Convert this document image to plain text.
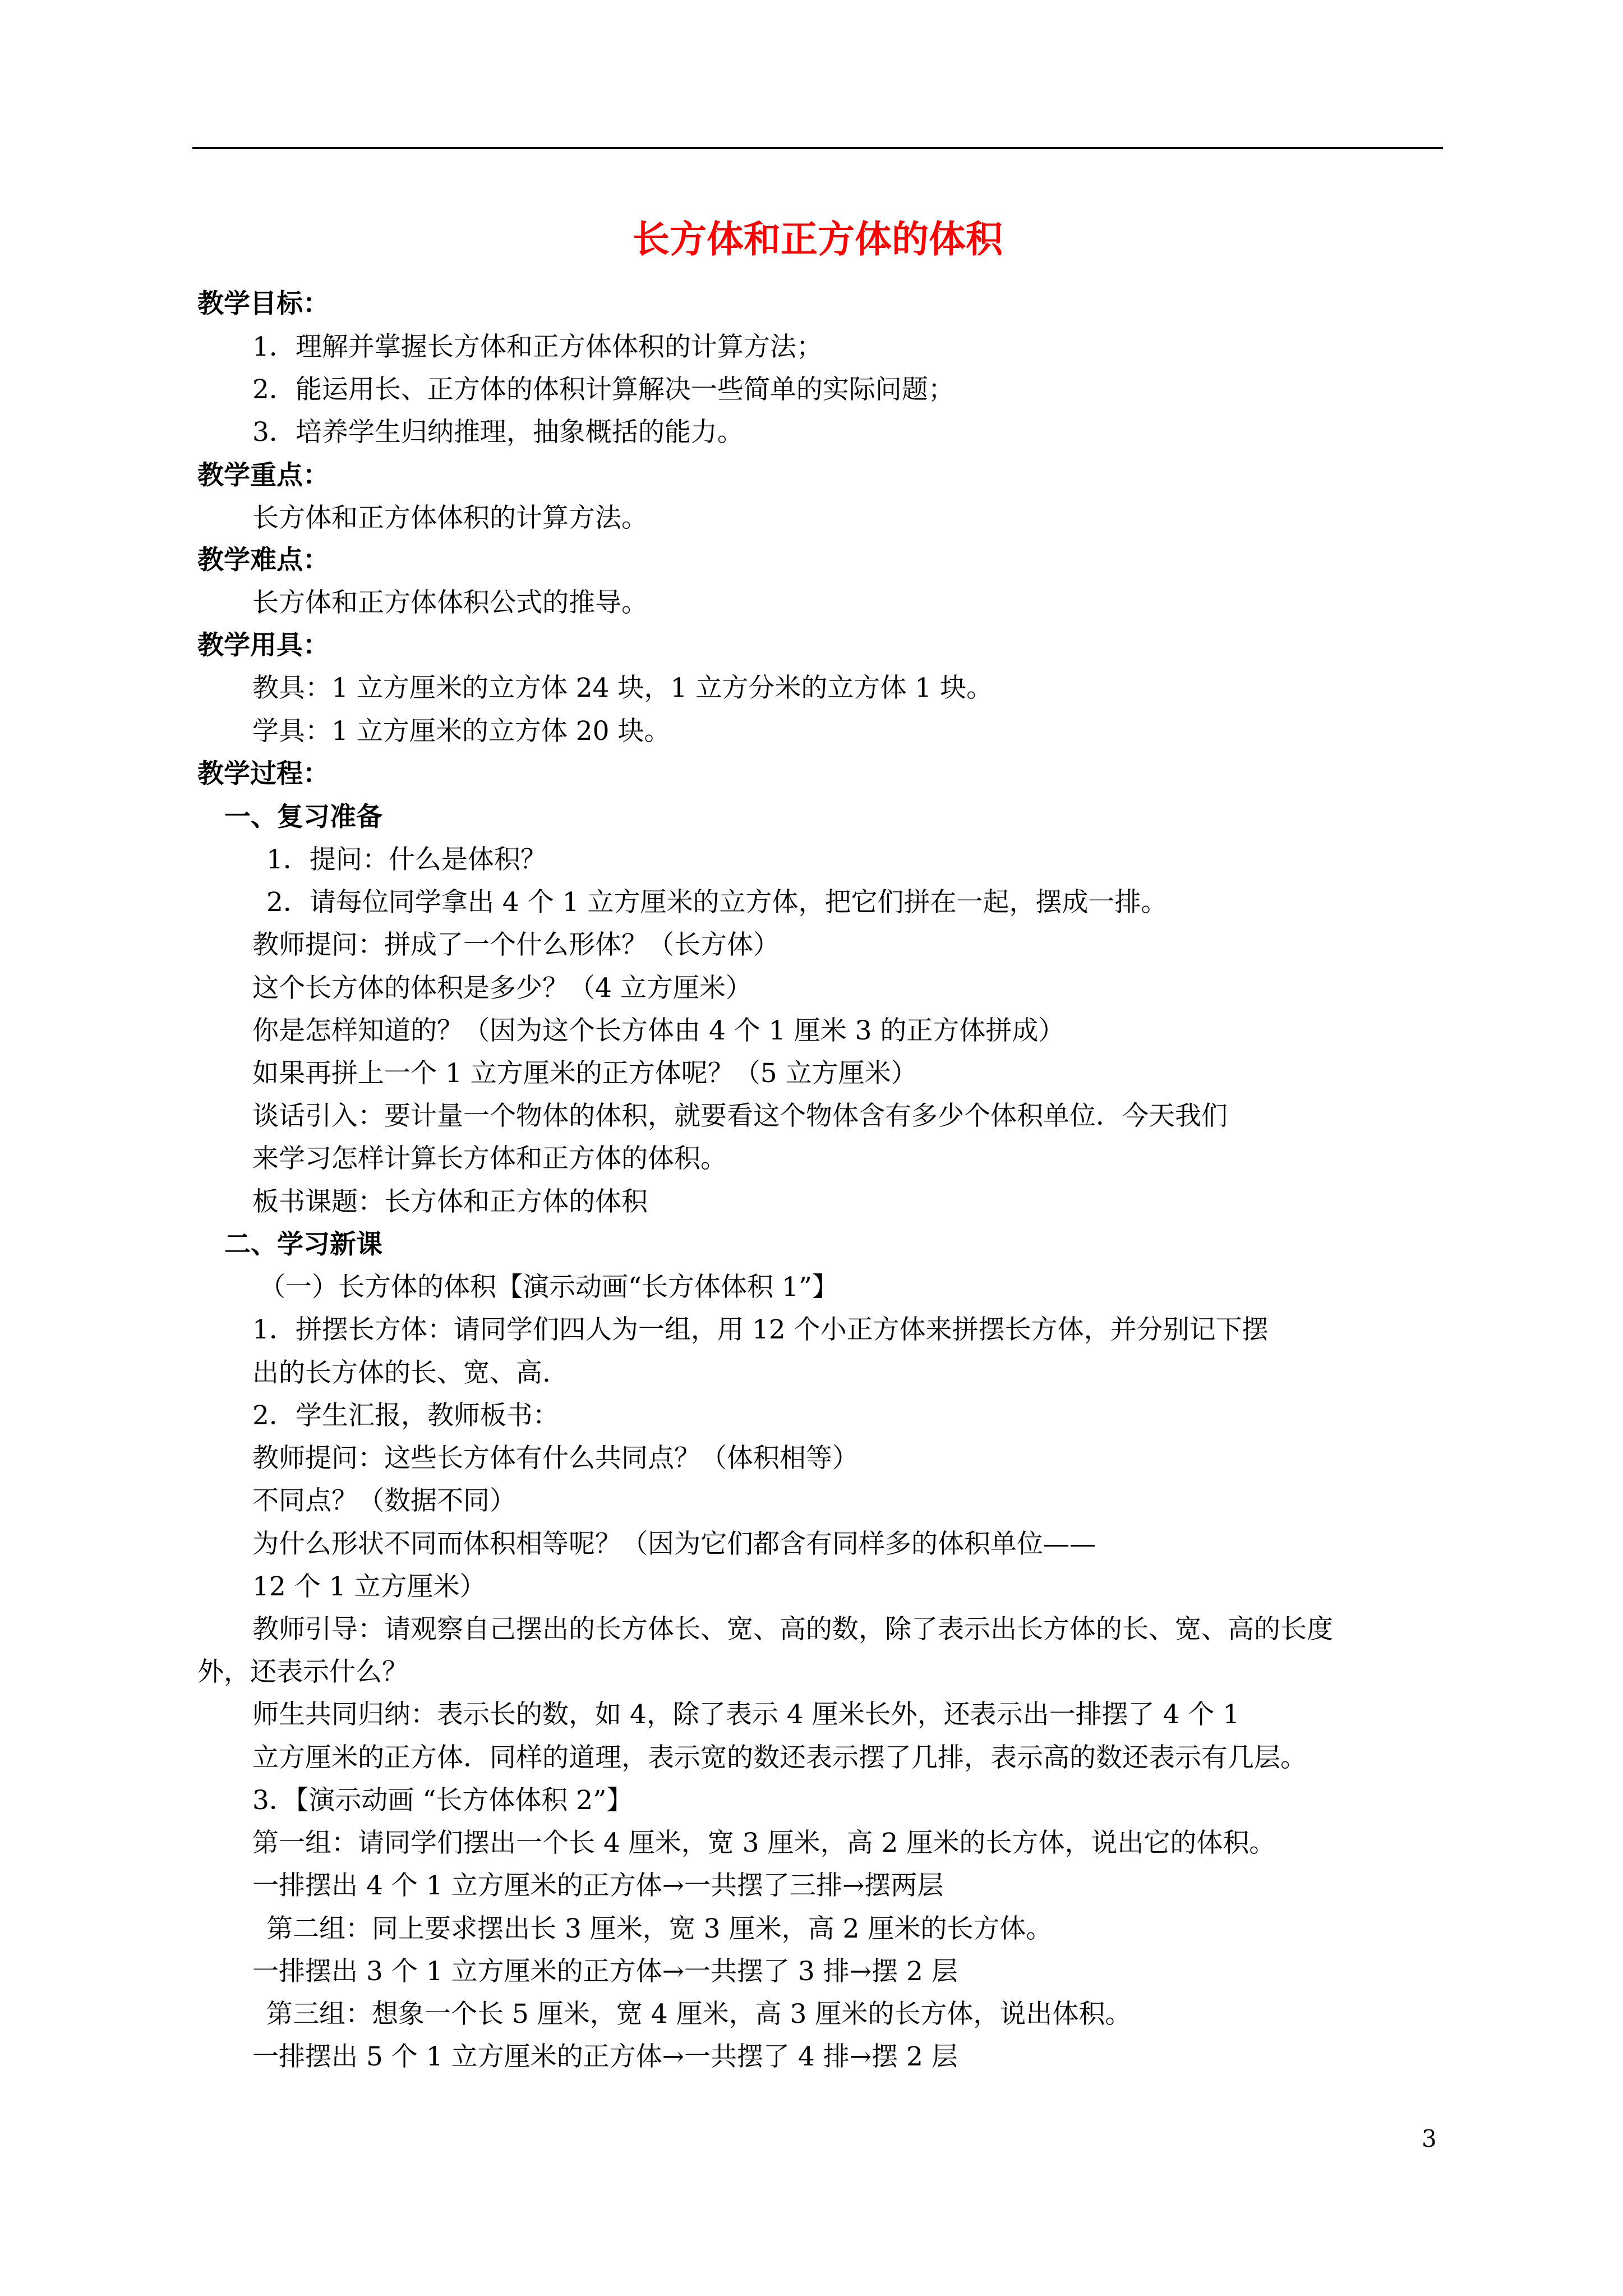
长方体和正方体的体积
教学目标：
1．理解并掌握长方体和正方体体积的计算方法；
2．能运用长、正方体的体积计算解决一些简单的实际问题；
3．培养学生归纳推理，抽象概括的能力。
教学重点：
长方体和正方体体积的计算方法。
教学难点：
长方体和正方体体积公式的推导。
教学用具：
教具：1 立方厘米的立方体 24 块，1 立方分米的立方体 1 块。
学具：1 立方厘米的立方体 20 块。
教学过程：
一、复习准备
1．提问：什么是体积？
2．请每位同学拿出 4 个 1 立方厘米的立方体，把它们拼在一起，摆成一排。
教师提问：拼成了一个什么形体？（长方体）
这个长方体的体积是多少？（4 立方厘米）
你是怎样知道的？（因为这个长方体由 4 个 1 厘米 3 的正方体拼成）
如果再拼上一个 1 立方厘米的正方体呢？（5 立方厘米）
谈话引入：要计量一个物体的体积，就要看这个物体含有多少个体积单位．今天我们
来学习怎样计算长方体和正方体的体积。
板书课题：长方体和正方体的体积
二、学习新课
（一）长方体的体积【演示动画“长方体体积 1”】
1．拼摆长方体：请同学们四人为一组，用 12 个小正方体来拼摆长方体，并分别记下摆
出的长方体的长、宽、高.
2．学生汇报，教师板书：
教师提问：这些长方体有什么共同点？（体积相等）
不同点？（数据不同）
为什么形状不同而体积相等呢？（因为它们都含有同样多的体积单位——
12 个 1 立方厘米）
教师引导：请观察自己摆出的长方体长、宽、高的数，除了表示出长方体的长、宽、高的长度
外，还表示什么？
师生共同归纳：表示长的数，如 4，除了表示 4 厘米长外，还表示出一排摆了 4 个 1
立方厘米的正方体．同样的道理，表示宽的数还表示摆了几排，表示高的数还表示有几层。
3．【演示动画 “长方体体积 2”】
第一组：请同学们摆出一个长 4 厘米，宽 3 厘米，高 2 厘米的长方体，说出它的体积。
一排摆出 4 个 1 立方厘米的正方体→一共摆了三排→摆两层
第二组：同上要求摆出长 3 厘米，宽 3 厘米，高 2 厘米的长方体。
一排摆出 3 个 1 立方厘米的正方体→一共摆了 3 排→摆 2 层
第三组：想象一个长 5 厘米，宽 4 厘米，高 3 厘米的长方体，说出体积。
一排摆出 5 个 1 立方厘米的正方体→一共摆了 4 排→摆 2 层
3
